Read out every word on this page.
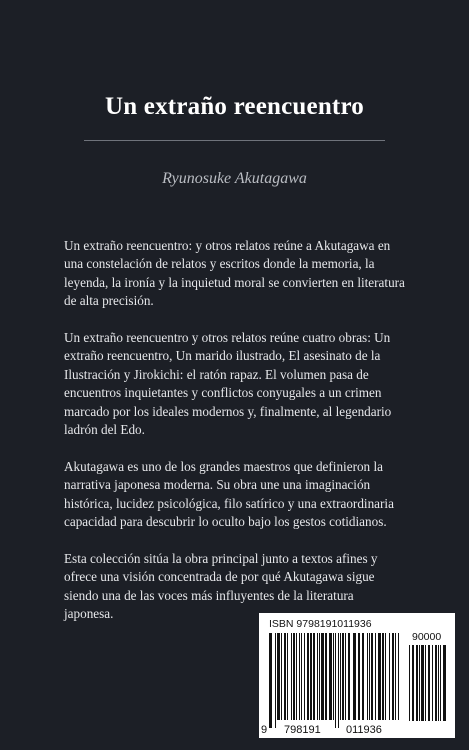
Un extraño reencuentro

Ryunosuke Akutagawa

Un extraño reencuentro: y otros relatos reúne a Akutagawa en una constelación de relatos y escritos donde la memoria, la leyenda, la ironía y la inquietud moral se convierten en literatura de alta precisión.

Un extraño reencuentro y otros relatos reúne cuatro obras: Un extraño reencuentro, Un marido ilustrado, El asesinato de la Ilustración y Jirokichi: el ratón rapaz. El volumen pasa de encuentros inquietantes y conflictos conyugales a un crimen marcado por los ideales modernos y, finalmente, al legendario ladrón del Edo.

Akutagawa es uno de los grandes maestros que definieron la narrativa japonesa moderna. Su obra une una imaginación histórica, lucidez psicológica, filo satírico y una extraordinaria capacidad para descubrir lo oculto bajo los gestos cotidianos.

Esta colección sitúa la obra principal junto a textos afines y ofrece una visión concentrada de por qué Akutagawa sigue siendo una de las voces más influyentes de la literatura japonesa.

ISBN 9798191011936
90000
9 798191 011936
